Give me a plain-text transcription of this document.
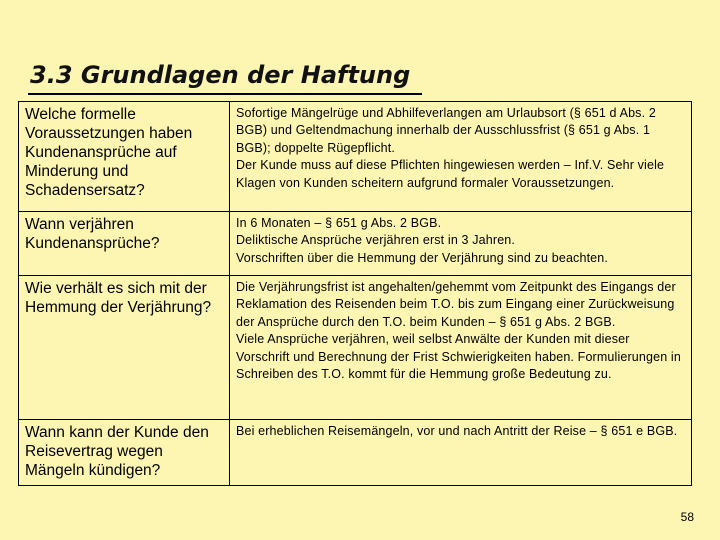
3.3 Grundlagen der Haftung
Welche formelle Voraussetzungen haben Kundenansprüche auf Minderung und Schadensersatz?	Sofortige Mängelrüge und Abhilfeverlangen am Urlaubsort (§ 651 d Abs. 2 BGB) und Geltendmachung innerhalb der Ausschlussfrist (§ 651 g Abs. 1 BGB); doppelte Rügepflicht.

Der Kunde muss auf diese Pflichten hingewiesen werden – Inf.V. Sehr viele Klagen von Kunden scheitern aufgrund formaler Voraussetzungen.

Wann verjähren Kundenansprüche?	In 6 Monaten – § 651 g Abs. 2 BGB.

Deliktische Ansprüche verjähren erst in 3 Jahren.

Vorschriften über die Hemmung der Verjährung sind zu beachten.

Wie verhält es sich mit der Hemmung der Verjährung?	Die Verjährungsfrist ist angehalten/gehemmt vom Zeitpunkt des Eingangs der Reklamation des Reisenden beim T.O. bis zum Eingang einer Zurückweisung der Ansprüche durch den T.O. beim Kunden – § 651 g Abs. 2 BGB.

Viele Ansprüche verjähren, weil selbst Anwälte der Kunden mit dieser Vorschrift und Berechnung der Frist Schwierigkeiten haben. Formulierungen in Schreiben des T.O. kommt für die Hemmung große Bedeutung zu.

Wann kann der Kunde den Reisevertrag wegen Mängeln kündigen?	Bei erheblichen Reisemängeln, vor und nach Antritt der Reise – § 651 e BGB.

58
